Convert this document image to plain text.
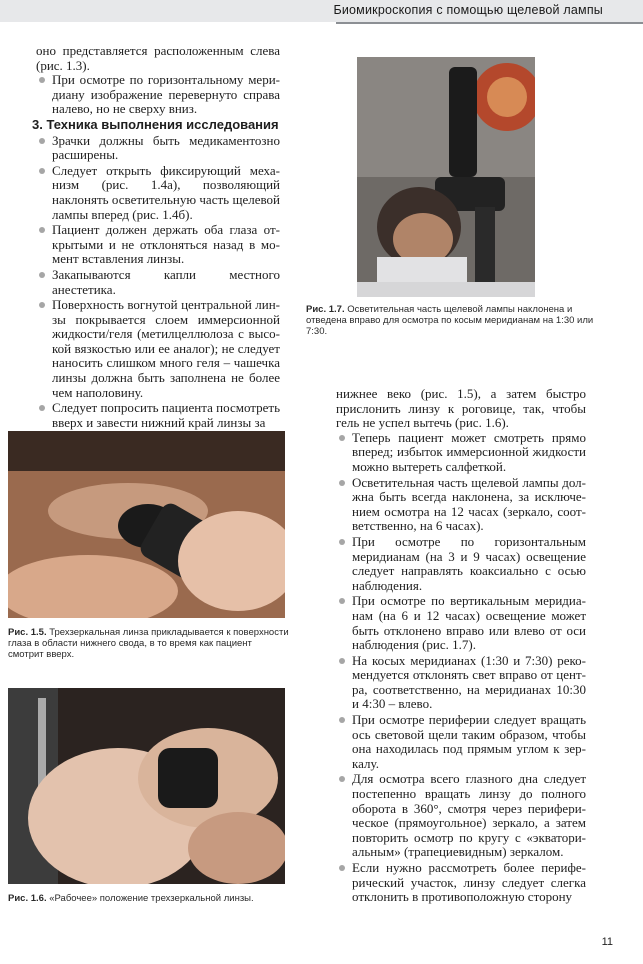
Биомикроскопия с помощью щелевой лампы

оно представляется расположенным слева (рис. 1.3).

При осмотре по горизонтальному меридиану изображение перевернуто справа налево, но не сверху вниз.

3. Техника выполнения исследования

Зрачки должны быть медикаментозно расширены.

Следует открыть фиксирующий механизм (рис. 1.4а), позволяющий наклонять осветительную часть щелевой лампы вперед (рис. 1.4б).

Пациент должен держать оба глаза открытыми и не отклоняться назад в момент вставления линзы.

Закапываются капли местного анестетика.

Поверхность вогнутой центральной линзы покрывается слоем иммерсионной жидкости/геля (метилцеллюлоза с высокой вязкостью или ее аналог); не следует наносить слишком много геля – чашечка линзы должна быть заполнена не более чем наполовину.

Следует попросить пациента посмотреть вверх и завести нижний край линзы за

Рис. 1.7. Осветительная часть щелевой лампы наклонена и отведена вправо для осмотра по косым меридианам на 1:30 или 7:30.
Рис. 1.5. Трехзеркальная линза прикладывается к поверхности глаза в области нижнего свода, в то время как пациент смотрит вверх.
Рис. 1.6. «Рабочее» положение трехзеркальной линзы.

нижнее веко (рис. 1.5), а затем быстро прислонить линзу к роговице, так, чтобы гель не успел вытечь (рис. 1.6).

Теперь пациент может смотреть прямо вперед; избыток иммерсионной жидкости можно вытереть салфеткой.

Осветительная часть щелевой лампы должна быть всегда наклонена, за исключением осмотра на 12 часах (зеркало, соответственно, на 6 часах).

При осмотре по горизонтальным меридианам (на 3 и 9 часах) освещение следует направлять коаксиально с осью наблюдения.

При осмотре по вертикальным меридианам (на 6 и 12 часах) освещение может быть отклонено вправо или влево от оси наблюдения (рис. 1.7).

На косых меридианах (1:30 и 7:30) рекомендуется отклонять свет вправо от центра, соответственно, на меридианах 10:30 и 4:30 – влево.

При осмотре периферии следует вращать ось световой щели таким образом, чтобы она находилась под прямым углом к зеркалу.

Для осмотра всего глазного дна следует постепенно вращать линзу до полного оборота в 360°, смотря через периферическое (прямоугольное) зеркало, а затем повторить осмотр по кругу с «экваториальным» (трапециевидным) зеркалом.

Если нужно рассмотреть более периферический участок, линзу следует слегка отклонить в противоположную сторону

11
